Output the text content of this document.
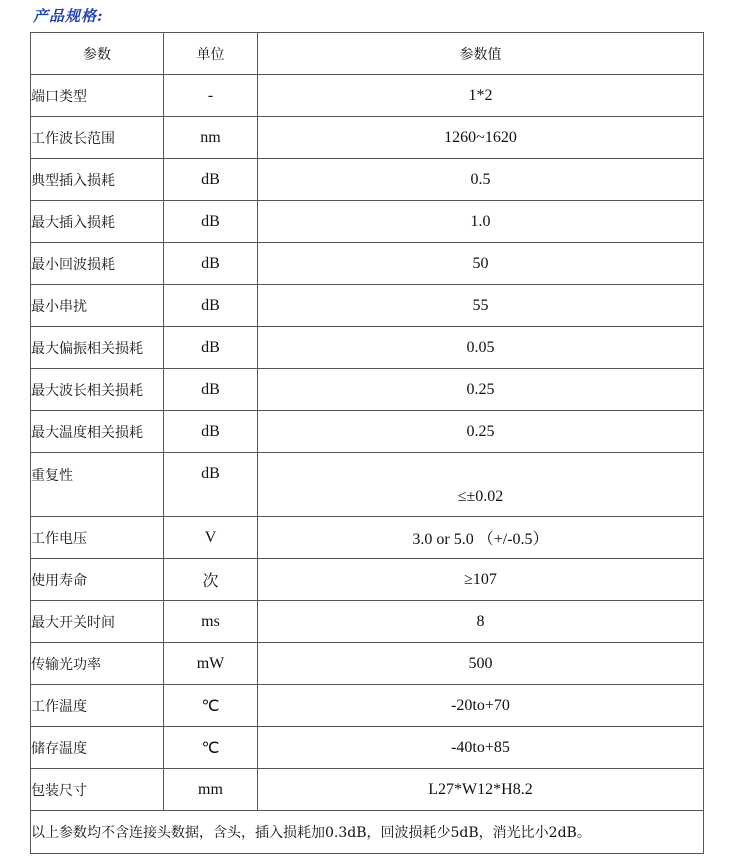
产品规格:
参数	单位	参数值
端口类型	-	1*2
工作波长范围	nm	1260~1620
典型插入损耗	dB	0.5
最大插入损耗	dB	1.0
最小回波损耗	dB	50
最小串扰	dB	55
最大偏振相关损耗	dB	0.05
最大波长相关损耗	dB	0.25
最大温度相关损耗	dB	0.25
重复性	dB	≤±0.02
工作电压	V	3.0 or 5.0 （+/-0.5）
使用寿命	次	≥107
最大开关时间	ms	8
传输光功率	mW	500
工作温度	℃	-20to+70
储存温度	℃	-40to+85
包装尺寸	mm	L27*W12*H8.2
以上参数均不含连接头数据，含头，插入损耗加0.3dB，回波损耗少5dB，消光比小2dB。		
